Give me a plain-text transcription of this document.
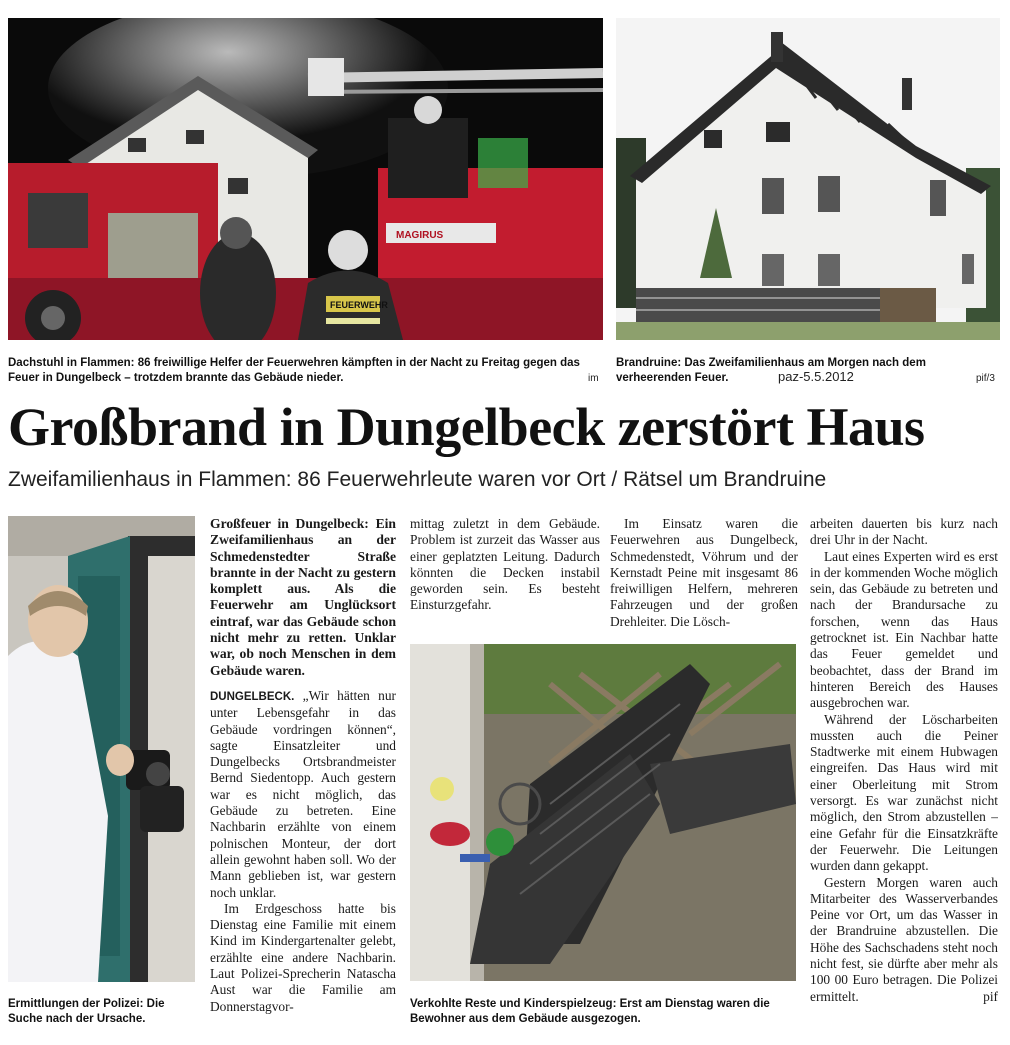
MAGIRUS
FEUERWEHR
Dachstuhl in Flammen: 86 freiwillige Helfer der Feuerwehren kämpften in der Nacht zu Freitag gegen das Feuer in Dungelbeck – trotzdem brannte das Gebäude nieder.	im
Brandruine: Das Zweifamilienhaus am Morgen nach dem verheerenden Feuer.	paz-5.5.2012	pif/3
Großbrand in Dungelbeck zerstört Haus
Zweifamilienhaus in Flammen: 86 Feuerwehrleute waren vor Ort / Rätsel um Brandruine
Ermittlungen der Polizei: Die Suche nach der Ursache.
Verkohlte Reste und Kinderspielzeug: Erst am Dienstag waren die Bewohner aus dem Gebäude ausgezogen.

Großfeuer in Dungelbeck: Ein Zweifamilienhaus an der Schmedenstedter Straße brannte in der Nacht zu gestern komplett aus. Als die Feuerwehr am Unglücksort eintraf, war das Gebäude schon nicht mehr zu retten. Unklar war, ob noch Menschen in dem Gebäude waren.

DUNGELBECK. „Wir hätten nur unter Lebensgefahr in das Gebäude vordringen können“, sagte Einsatzleiter und Dungelbecks Ortsbrandmeister Bernd Siedentopp. Auch gestern war es nicht möglich, das Gebäude zu betreten. Eine Nachbarin erzählte von einem polnischen Monteur, der dort allein gewohnt haben soll. Wo der Mann geblieben ist, war gestern noch unklar.

Im Erdgeschoss hatte bis Dienstag eine Familie mit einem Kind im Kindergartenalter gelebt, erzählte eine andere Nachbarin. Laut Polizei-Sprecherin Natascha Aust war die Familie am Donnerstagvor-

mittag zuletzt in dem Gebäude. Problem ist zurzeit das Wasser aus einer geplatzten Leitung. Dadurch könnten die Decken instabil geworden sein. Es besteht Einsturzgefahr.

Im Einsatz waren die Feuerwehren aus Dungelbeck, Schmedenstedt, Vöhrum und der Kernstadt Peine mit insgesamt 86 freiwilligen Helfern, mehreren Fahrzeugen und der großen Drehleiter. Die Lösch-

arbeiten dauerten bis kurz nach drei Uhr in der Nacht.

Laut eines Experten wird es erst in der kommenden Woche möglich sein, das Gebäude zu betreten und nach der Brandursache zu forschen, wenn das Haus getrocknet ist. Ein Nachbar hatte das Feuer gemeldet und beobachtet, dass der Brand im hinteren Bereich des Hauses ausgebrochen war.

Während der Löscharbeiten mussten auch die Peiner Stadtwerke mit einem Hubwagen eingreifen. Das Haus wird mit einer Oberleitung mit Strom versorgt. Es war zunächst nicht möglich, den Strom abzustellen – eine Gefahr für die Einsatzkräfte der Feuerwehr. Die Leitungen wurden dann gekappt.

Gestern Morgen waren auch Mitarbeiter des Wasserverbandes Peine vor Ort, um das Wasser in der Brandruine abzustellen. Die Höhe des Sachschadens steht noch nicht fest, sie dürfte aber mehr als 100 00 Euro betragen. Die Polizei ermittelt.	pif
